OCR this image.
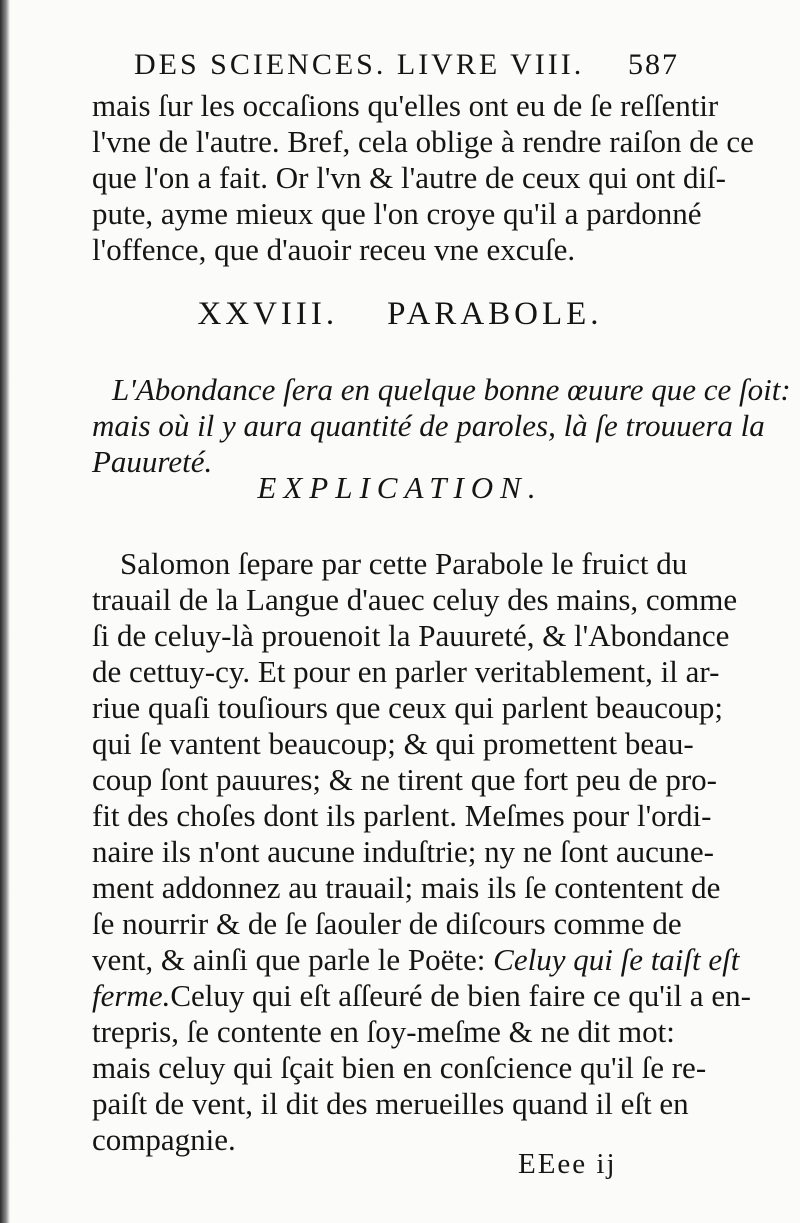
DES SCIENCES. LIVRE VIII. 587
mais ſur les occaſions qu'elles ont eu de ſe reſſentir
l'vne de l'autre. Bref, cela oblige à rendre raiſon de ce
que l'on a fait. Or l'vn & l'autre de ceux qui ont diſ-
pute, ayme mieux que l'on croye qu'il a pardonné
l'offence, que d'auoir receu vne excuſe.
XXVIII. PARABOLE.
L'Abondance ſera en quelque bonne œuure que ce ſoit:
mais où il y aura quantité de paroles, là ſe trouuera la
Pauureté.
EXPLICATION.
Salomon ſepare par cette Parabole le fruict du
trauail de la Langue d'auec celuy des mains, comme
ſi de celuy-là prouenoit la Pauureté, & l'Abondance
de cettuy-cy. Et pour en parler veritablement, il ar-
riue quaſi touſiours que ceux qui parlent beaucoup;
qui ſe vantent beaucoup; & qui promettent beau-
coup ſont pauures; & ne tirent que fort peu de pro-
fit des choſes dont ils parlent. Meſmes pour l'ordi-
naire ils n'ont aucune induſtrie; ny ne ſont aucune-
ment addonnez au trauail; mais ils ſe contentent de
ſe nourrir & de ſe ſaouler de diſcours comme de
vent, & ainſi que parle le Poëte: Celuy qui ſe taiſt eſt
ferme.Celuy qui eſt aſſeuré de bien faire ce qu'il a en-
trepris, ſe contente en ſoy-meſme & ne dit mot:
mais celuy qui ſçait bien en conſcience qu'il ſe re-
paiſt de vent, il dit des merueilles quand il eſt en
compagnie.
EEee ij
